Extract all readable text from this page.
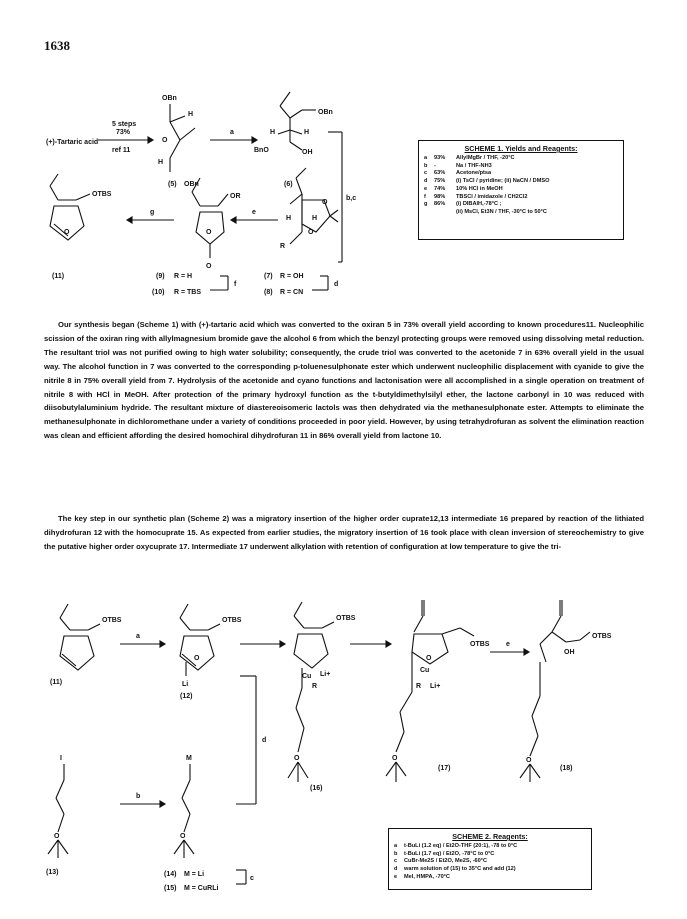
1638
(+)-Tartaric acid
5 steps
73%
ref 11
OBn
H
O
H
(5) OBn
a
OBn
H	H
BnO	OH
(6)
b,c
H	H
O
O
R
e
OR
O
O
g
OTBS
O
(11)	(9) R = H
(10) R = TBS
f
(7) R = OH
(8) R = CN
d
SCHEME 1. Yields and Reagents:
a 93% AllylMgBr / THF, -20°C
b -	Na / THF-NH3
c 63% Acetone/ptsa
d 75% (i) TsCl / pyridine; (ii) NaCN / DMSO
e 74% 10% HCl in MeOH
f 98% TBSCl / imidazole / CH2Cl2
g 86% (i) DIBAlH,-78°C ;
(ii) MsCl, Et3N / THF, -30°C to 50°C

Our synthesis began (Scheme 1) with (+)-tartaric acid which was converted to the oxiran 5 in 73% overall yield according to known procedures11. Nucleophilic scission of the oxiran ring with allylmagnesium bromide gave the alcohol 6 from which the benzyl protecting groups were removed using dissolving metal reduction. The resultant triol was not purified owing to high water solubility; consequently, the crude triol was converted to the acetonide 7 in 63% overall yield in the usual way. The alcohol function in 7 was converted to the corresponding p-toluenesulphonate ester which underwent nucleophilic displacement with cyanide to give the nitrile 8 in 75% overall yield from 7. Hydrolysis of the acetonide and cyano functions and lactonisation were all accomplished in a single operation on treatment of nitrile 8 with HCl in MeOH. After protection of the primary hydroxyl function as the t-butyldimethylsilyl ether, the lactone carbonyl in 10 was reduced with diisobutylaluminium hydride. The resultant mixture of diastereoisomeric lactols was then dehydrated via the methanesulphonate ester. Attempts to eliminate the methanesulphonate in dichloromethane under a variety of conditions proceeded in poor yield. However, by using tetrahydrofuran as solvent the elimination reaction was clean and efficient affording the desired homochiral dihydrofuran 11 in 86% overall yield from lactone 10.

The key step in our synthetic plan (Scheme 2) was a migratory insertion of the higher order cuprate12,13 intermediate 16 prepared by reaction of the lithiated dihydrofuran 12 with the homocuprate 15. As expected from earlier studies, the migratory insertion of 16 took place with clean inversion of stereochemistry to give the putative higher order oxycuprate 17. Intermediate 17 underwent alkylation with retention of configuration at low temperature to give the tri-

OTBS
(11)
a
OTBS
O
Li
(12)
d
OTBS
Cu
R
Li+
O
(16)
OTBS
O
Cu
R Li+
O
(17)
e
OTBS
OH
O
(18)
I
O
(13)
b
M
O
(14) M = Li
(15) M = CuRLi
c
SCHEME 2. Reagents:
a t-BuLi (1.2 eq) / Et2O-THF (20:1), -78 to 0°C
b t-BuLi (1.7 eq) / Et2O, -78°C to 0°C
c CuBr-Me2S / Et2O, Me2S, -60°C
d warm solution of (15) to 35°C and add (12)
e MeI, HMPA, -70°C
